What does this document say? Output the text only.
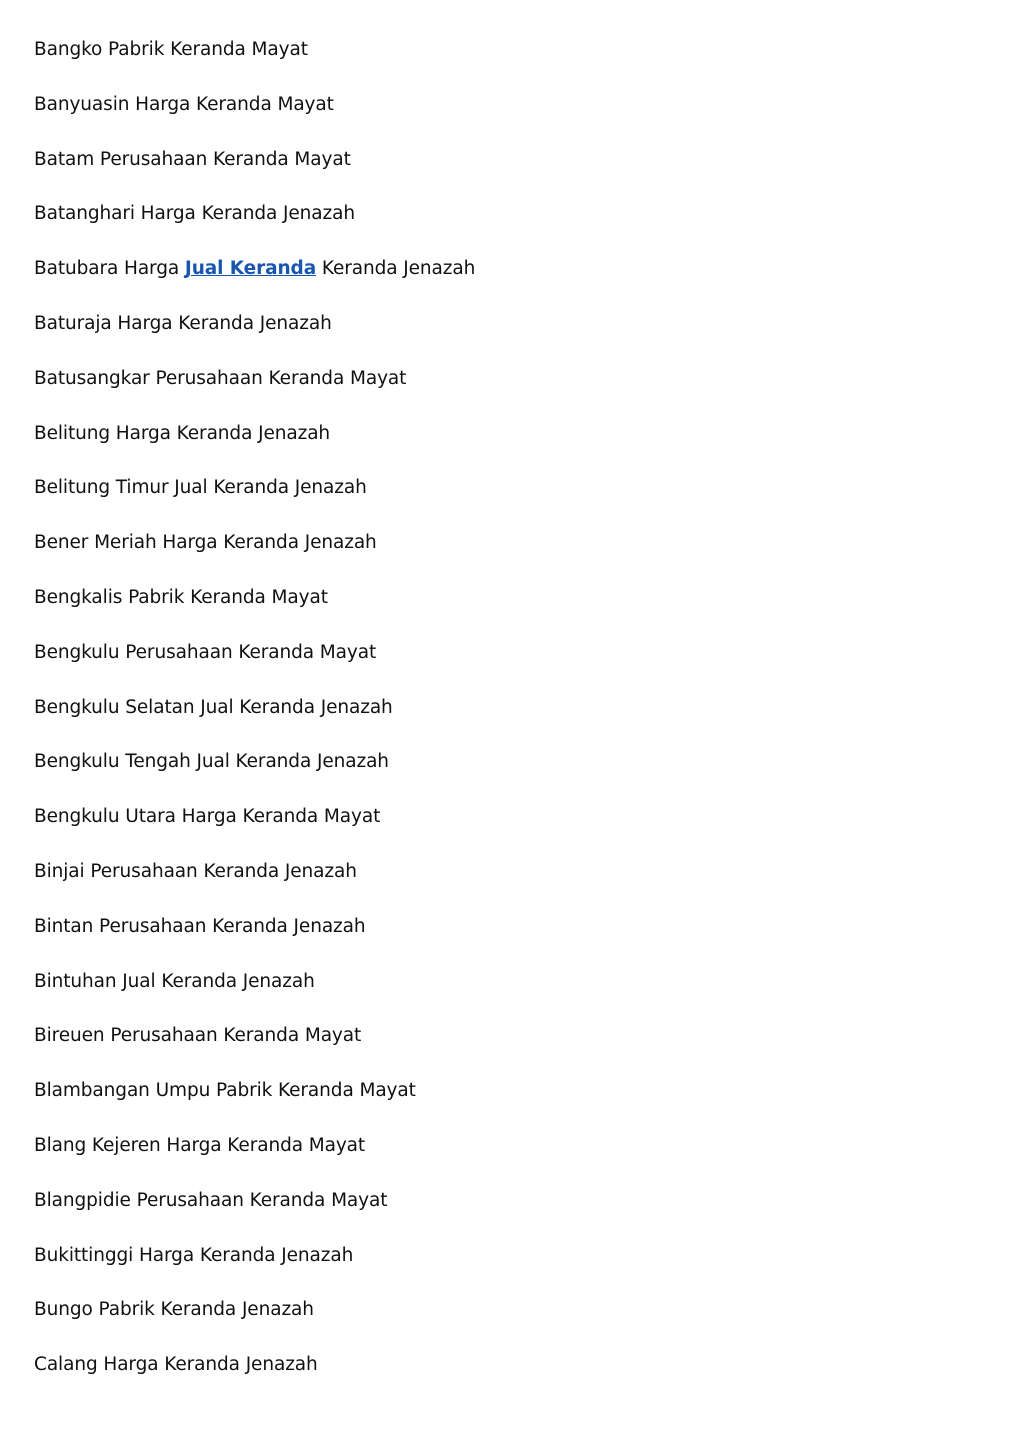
Bangko Pabrik Keranda Mayat
Banyuasin Harga Keranda Mayat
Batam Perusahaan Keranda Mayat
Batanghari Harga Keranda Jenazah
Batubara Harga Jual Keranda Keranda Jenazah
Baturaja Harga Keranda Jenazah
Batusangkar Perusahaan Keranda Mayat
Belitung Harga Keranda Jenazah
Belitung Timur Jual Keranda Jenazah
Bener Meriah Harga Keranda Jenazah
Bengkalis Pabrik Keranda Mayat
Bengkulu Perusahaan Keranda Mayat
Bengkulu Selatan Jual Keranda Jenazah
Bengkulu Tengah Jual Keranda Jenazah
Bengkulu Utara Harga Keranda Mayat
Binjai Perusahaan Keranda Jenazah
Bintan Perusahaan Keranda Jenazah
Bintuhan Jual Keranda Jenazah
Bireuen Perusahaan Keranda Mayat
Blambangan Umpu Pabrik Keranda Mayat
Blang Kejeren Harga Keranda Mayat
Blangpidie Perusahaan Keranda Mayat
Bukittinggi Harga Keranda Jenazah
Bungo Pabrik Keranda Jenazah
Calang Harga Keranda Jenazah
